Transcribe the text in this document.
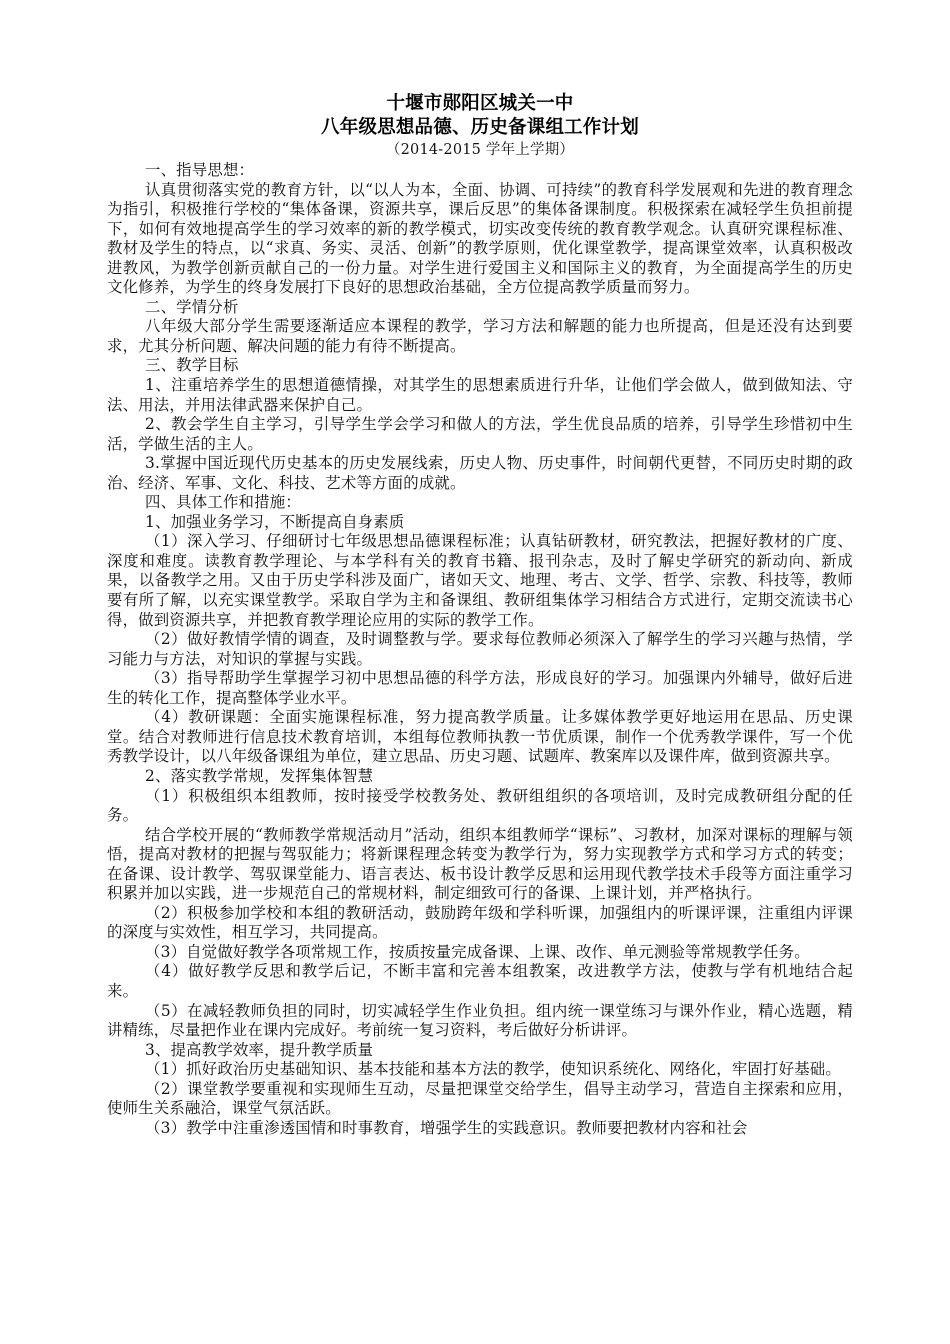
十堰市郧阳区城关一中
八年级思想品德、历史备课组工作计划
（2014-2015 学年上学期）
一、指导思想：
认真贯彻落实党的教育方针，以“以人为本，全面、协调、可持续”的教育科学发展观和先进的教育理念为指引，积极推行学校的“集体备课，资源共享，课后反思”的集体备课制度。积极探索在减轻学生负担前提下，如何有效地提高学生的学习效率的新的教学模式，切实改变传统的教育教学观念。认真研究课程标准、教材及学生的特点，以“求真、务实、灵活、创新”的教学原则，优化课堂教学，提高课堂效率，认真积极改进教风，为教学创新贡献自己的一份力量。对学生进行爱国主义和国际主义的教育，为全面提高学生的历史文化修养，为学生的终身发展打下良好的思想政治基础，全方位提高教学质量而努力。
二、学情分析
八年级大部分学生需要逐渐适应本课程的教学，学习方法和解题的能力也所提高，但是还没有达到要求，尤其分析问题、解决问题的能力有待不断提高。
三、教学目标
1、注重培养学生的思想道德情操，对其学生的思想素质进行升华，让他们学会做人，做到做知法、守法、用法，并用法律武器来保护自己。
2、教会学生自主学习，引导学生学会学习和做人的方法，学生优良品质的培养，引导学生珍惜初中生活，学做生活的主人。
3.掌握中国近现代历史基本的历史发展线索，历史人物、历史事件，时间朝代更替，不同历史时期的政治、经济、军事、文化、科技、艺术等方面的成就。
四、具体工作和措施：
1、加强业务学习，不断提高自身素质
（1）深入学习、仔细研讨七年级思想品德课程标准；认真钻研教材，研究教法，把握好教材的广度、深度和难度。读教育教学理论、与本学科有关的教育书籍、报刊杂志，及时了解史学研究的新动向、新成果，以备教学之用。又由于历史学科涉及面广，诸如天文、地理、考古、文学、哲学、宗教、科技等，教师要有所了解，以充实课堂教学。采取自学为主和备课组、教研组集体学习相结合方式进行，定期交流读书心得，做到资源共享，并把教育教学理论应用的实际的教学工作。
（2）做好教情学情的调查，及时调整教与学。要求每位教师必须深入了解学生的学习兴趣与热情，学习能力与方法，对知识的掌握与实践。
（3）指导帮助学生掌握学习初中思想品德的科学方法，形成良好的学习。加强课内外辅导，做好后进生的转化工作，提高整体学业水平。
（4）教研课题：全面实施课程标准，努力提高教学质量。让多媒体教学更好地运用在思品、历史课堂。结合对教师进行信息技术教育培训，本组每位教师执教一节优质课，制作一个优秀教学课件，写一个优秀教学设计，以八年级备课组为单位，建立思品、历史习题、试题库、教案库以及课件库，做到资源共享。
2、落实教学常规，发挥集体智慧
（1）积极组织本组教师，按时接受学校教务处、教研组组织的各项培训，及时完成教研组分配的任务。
结合学校开展的“教师教学常规活动月”活动，组织本组教师学“课标”、习教材，加深对课标的理解与领悟，提高对教材的把握与驾驭能力；将新课程理念转变为教学行为，努力实现教学方式和学习方式的转变；在备课、设计教学、驾驭课堂能力、语言表达、板书设计教学反思和运用现代教学技术手段等方面注重学习积累并加以实践，进一步规范自己的常规材料，制定细致可行的备课、上课计划，并严格执行。
（2）积极参加学校和本组的教研活动，鼓励跨年级和学科听课，加强组内的听课评课，注重组内评课的深度与实效性，相互学习，共同提高。
（3）自觉做好教学各项常规工作，按质按量完成备课、上课、改作、单元测验等常规教学任务。
（4）做好教学反思和教学后记，不断丰富和完善本组教案，改进教学方法，使教与学有机地结合起来。
（5）在减轻教师负担的同时，切实减轻学生作业负担。组内统一课堂练习与课外作业，精心选题，精讲精练，尽量把作业在课内完成好。考前统一复习资料，考后做好分析讲评。
3、提高教学效率，提升教学质量
（1）抓好政治历史基础知识、基本技能和基本方法的教学，使知识系统化、网络化，牢固打好基础。
（2）课堂教学要重视和实现师生互动，尽量把课堂交给学生，倡导主动学习，营造自主探索和应用，使师生关系融洽，课堂气氛活跃。
（3）教学中注重渗透国情和时事教育，增强学生的实践意识。教师要把教材内容和社会
